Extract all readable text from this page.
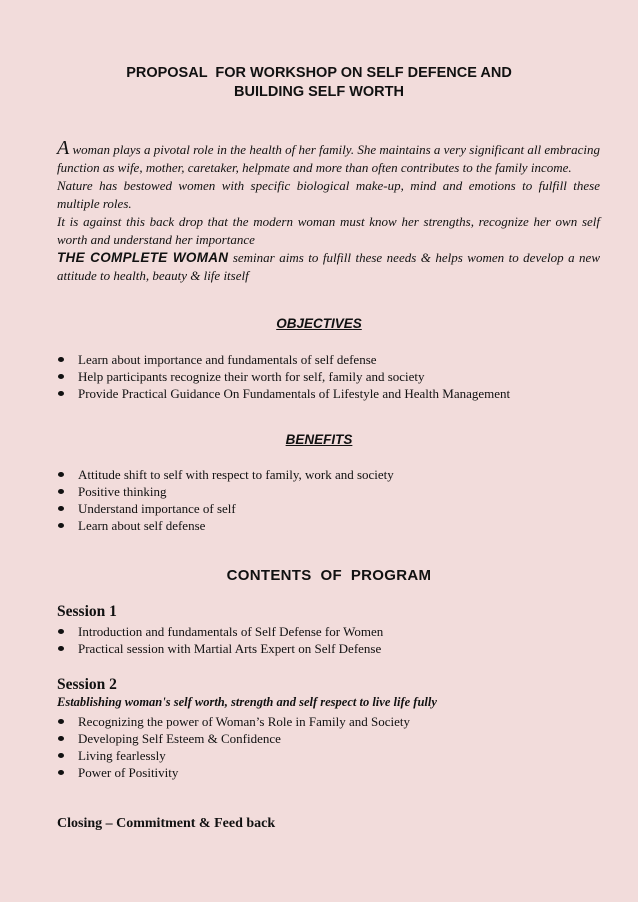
PROPOSAL  FOR WORKSHOP ON SELF DEFENCE AND
BUILDING SELF WORTH

A woman plays a pivotal role in the health of her family. She maintains a very significant all embracing function as wife, mother, caretaker, helpmate and more than often contributes to the family income.

Nature has bestowed women with specific biological make-up, mind and emotions to fulfill these multiple roles.

It is against this back drop that the modern woman must know her strengths, recognize her own self worth and understand her importance

THE COMPLETE WOMAN seminar aims to fulfill these needs & helps women to develop a new attitude to health, beauty & life itself

OBJECTIVES
Learn about importance and fundamentals of self defense
Help participants recognize their worth for self, family and society
Provide Practical Guidance On Fundamentals of Lifestyle and Health Management
BENEFITS
Attitude shift to self with respect to family, work and society
Positive thinking
Understand importance of self
Learn about self defense
CONTENTS  OF  PROGRAM
Session 1
Introduction and fundamentals of Self Defense for Women
Practical session with Martial Arts Expert on Self Defense
Session 2
Establishing woman's self worth, strength and self respect to live life fully
Recognizing the power of Woman’s Role in Family and Society
Developing Self Esteem & Confidence
Living fearlessly
Power of Positivity
Closing – Commitment & Feed back
